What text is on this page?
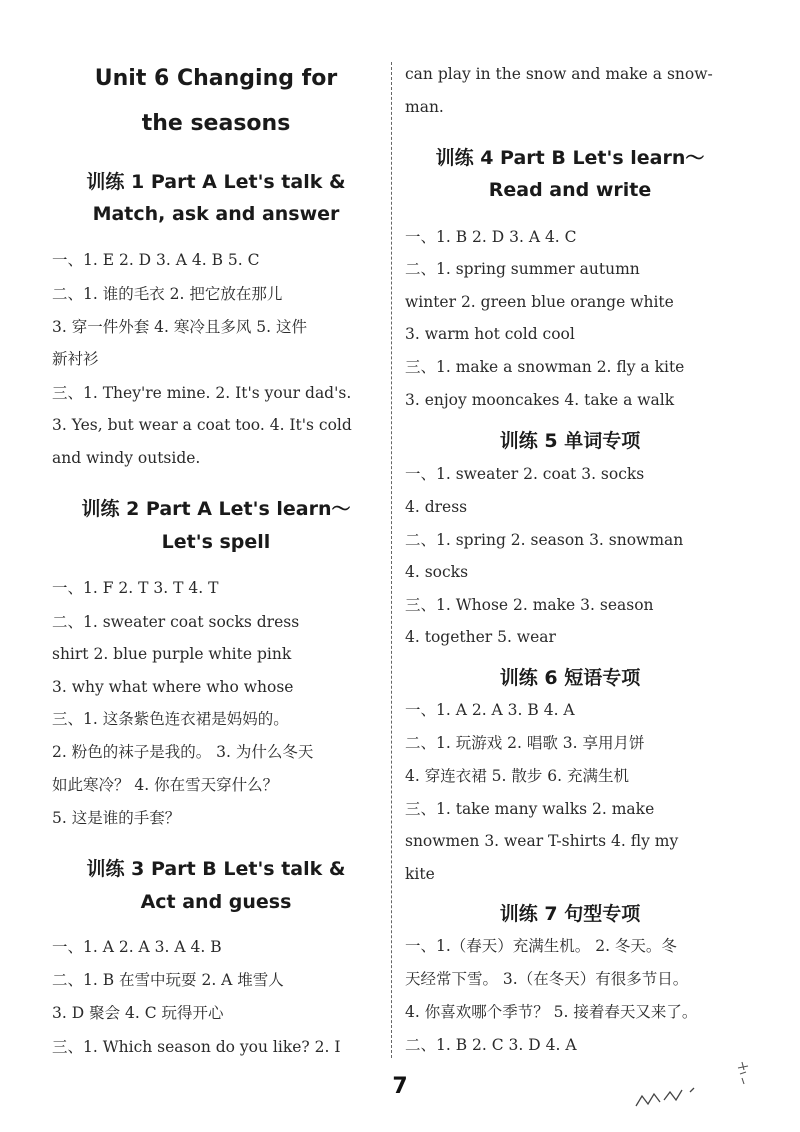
Unit 6 Changing for
the seasons
训练 1 Part A Let's talk &
Match, ask and answer
一、1. E 2. D 3. A 4. B 5. C
二、1. 谁的毛衣 2. 把它放在那儿
3. 穿一件外套 4. 寒冷且多风 5. 这件
新衬衫
三、1. They're mine. 2. It's your dad's.
3. Yes, but wear a coat too. 4. It's cold
and windy outside.
训练 2 Part A Let's learn～
Let's spell
一、1. F 2. T 3. T 4. T
二、1. sweater coat socks dress
shirt 2. blue purple white pink
3. why what where who whose
三、1. 这条紫色连衣裙是妈妈的。
2. 粉色的袜子是我的。 3. 为什么冬天
如此寒冷？ 4. 你在雪天穿什么？
5. 这是谁的手套？
训练 3 Part B Let's talk &
Act and guess
一、1. A 2. A 3. A 4. B
二、1. B 在雪中玩耍 2. A 堆雪人
3. D 聚会 4. C 玩得开心
三、1. Which season do you like? 2. I
can play in the snow and make a snow-
man.
训练 4 Part B Let's learn～
Read and write
一、1. B 2. D 3. A 4. C
二、1. spring summer autumn
winter 2. green blue orange white
3. warm hot cold cool
三、1. make a snowman 2. fly a kite
3. enjoy mooncakes 4. take a walk
训练 5 单词专项
一、1. sweater 2. coat 3. socks
4. dress
二、1. spring 2. season 3. snowman
4. socks
三、1. Whose 2. make 3. season
4. together 5. wear
训练 6 短语专项
一、1. A 2. A 3. B 4. A
二、1. 玩游戏 2. 唱歌 3. 享用月饼
4. 穿连衣裙 5. 散步 6. 充满生机
三、1. take many walks 2. make
snowmen 3. wear T-shirts 4. fly my
kite
训练 7 句型专项
一、1.（春天）充满生机。 2. 冬天。冬
天经常下雪。 3.（在冬天）有很多节日。
4. 你喜欢哪个季节？ 5. 接着春天又来了。
二、1. B 2. C 3. D 4. A
7
